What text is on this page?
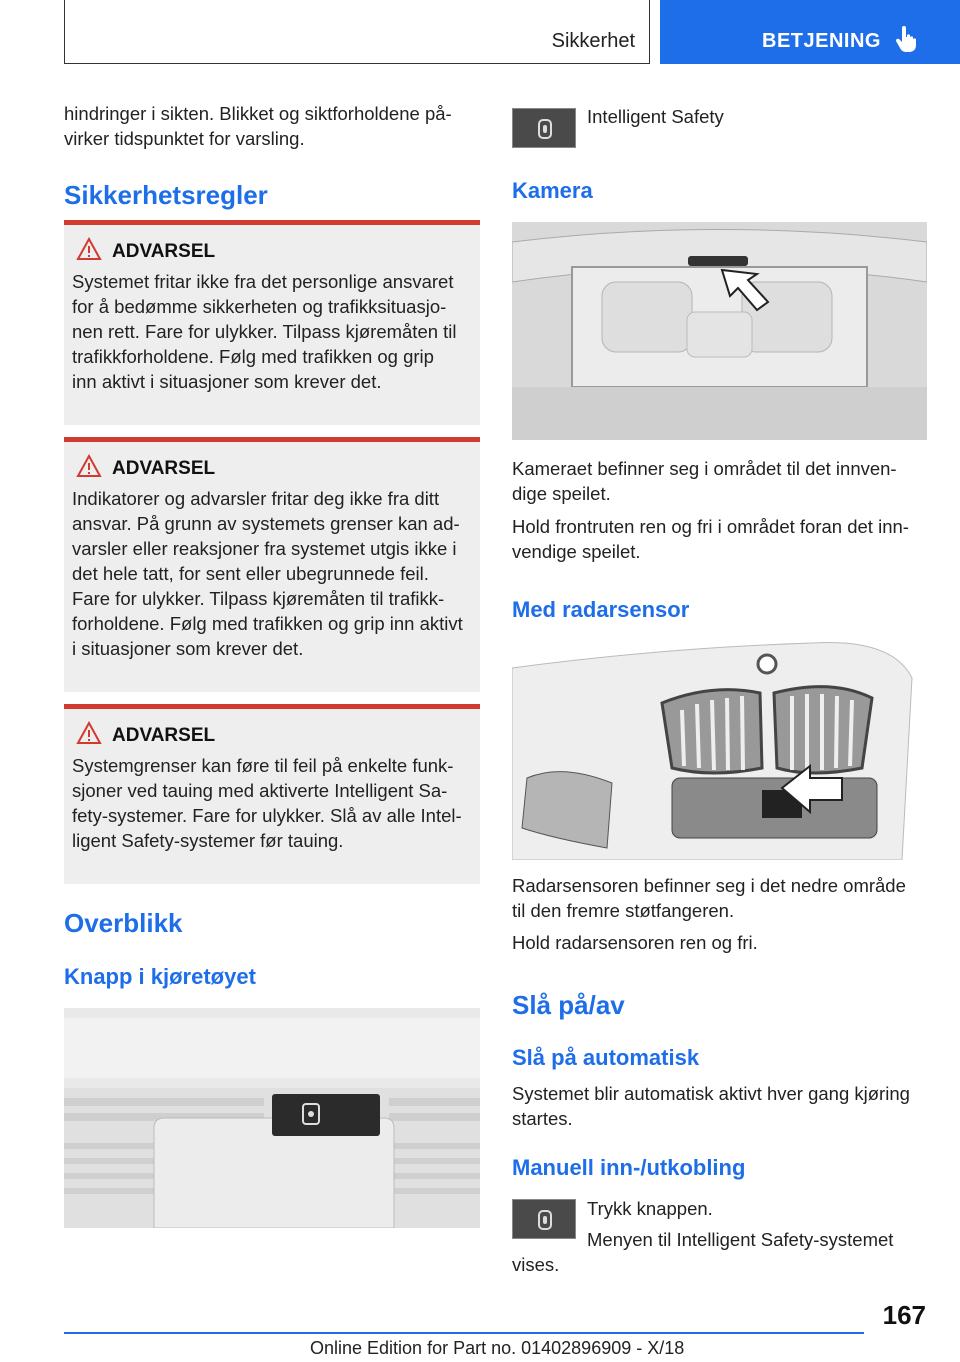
Sikkerhet	BETJENING

hindringer i sikten. Blikket og siktforholdene på-

virker tidspunktet for varsling.

Sikkerhetsregler
ADVARSEL
Systemet fritar ikke fra det personlige ansvaret
for å bedømme sikkerheten og trafikksituasjo-
nen rett. Fare for ulykker. Tilpass kjøremåten til
trafikkforholdene. Følg med trafikken og grip
inn aktivt i situasjoner som krever det.
ADVARSEL
Indikatorer og advarsler fritar deg ikke fra ditt
ansvar. På grunn av systemets grenser kan ad-
varsler eller reaksjoner fra systemet utgis ikke i
det hele tatt, for sent eller ubegrunnede feil.
Fare for ulykker. Tilpass kjøremåten til trafikk-
forholdene. Følg med trafikken og grip inn aktivt
i situasjoner som krever det.
ADVARSEL
Systemgrenser kan føre til feil på enkelte funk-
sjoner ved tauing med aktiverte Intelligent Sa-
fety-systemer. Fare for ulykker. Slå av alle Intel-
ligent Safety-systemer før tauing.
Overblikk
Knapp i kjøretøyet

Intelligent Safety

Kamera

Kameraet befinner seg i området til det innven-

dige speilet.

Hold frontruten ren og fri i området foran det inn-

vendige speilet.

Med radarsensor

Radarsensoren befinner seg i det nedre område

til den fremre støtfangeren.

Hold radarsensoren ren og fri.

Slå på/av
Slå på automatisk

Systemet blir automatisk aktivt hver gang kjøring

startes.

Manuell inn-/utkobling

Trykk knappen.

Menyen til Intelligent Safety-systemet

vises.

167
Online Edition for Part no. 01402896909 - X/18
